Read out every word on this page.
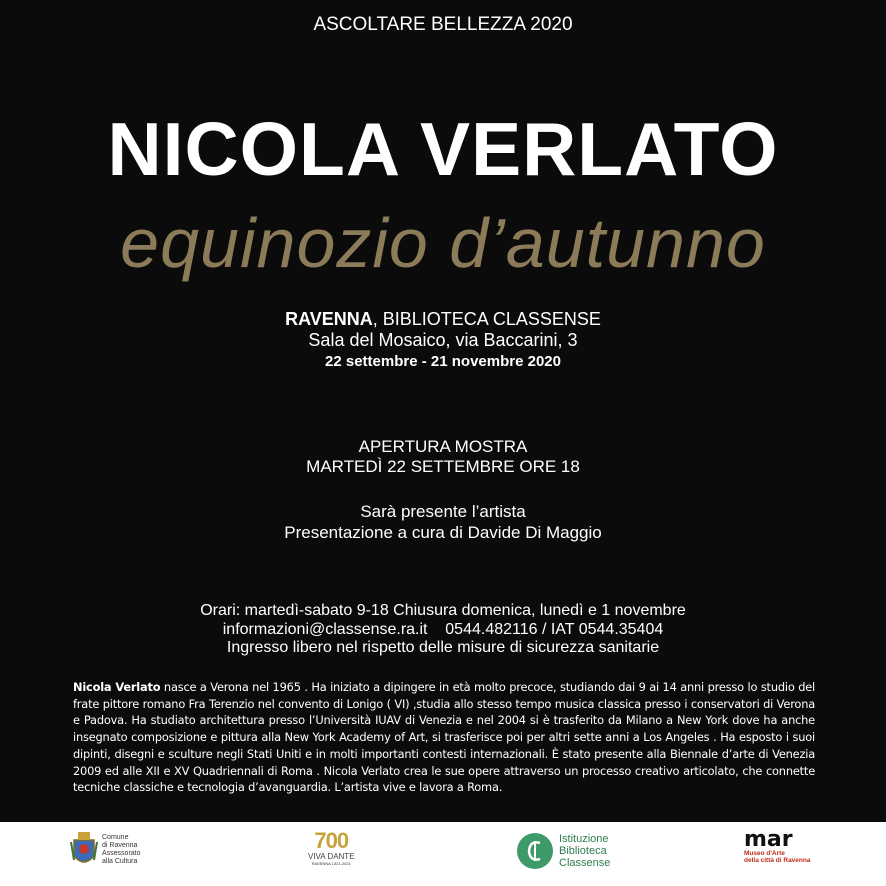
ASCOLTARE BELLEZZA 2020
NICOLA VERLATO
equinozio d’autunno
RAVENNA, BIBLIOTECA CLASSENSE
Sala del Mosaico, via Baccarini, 3
22 settembre - 21 novembre 2020
APERTURA MOSTRA
MARTEDÌ 22 SETTEMBRE ORE 18
Sarà presente l’artista
Presentazione a cura di Davide Di Maggio
Orari: martedì-sabato 9-18 Chiusura domenica, lunedì e 1 novembre
informazioni@classense.ra.it    0544.482116 / IAT 0544.35404
Ingresso libero nel rispetto delle misure di sicurezza sanitarie
Nicola Verlato nasce a Verona nel 1965 . Ha iniziato a dipingere in età molto precoce, studiando dai 9 ai 14 anni presso lo studio del frate pittore romano Fra Terenzio nel convento di Lonigo ( VI) ,studia allo stesso tempo musica classica presso i conservatori di Verona e Padova. Ha studiato architettura presso l’Università IUAV di Venezia e nel 2004 si è trasferito da Milano a New York dove ha anche insegnato composizione e pittura alla New York Academy of Art, si trasferisce poi per altri sette anni a Los Angeles . Ha esposto i suoi dipinti, disegni e sculture negli Stati Uniti e in molti importanti contesti internazionali. È stato presente alla Biennale d’arte di Venezia 2009 ed alle XII e XV Quadriennali di Roma . Nicola Verlato crea le sue opere attraverso un processo creativo articolato, che connette tecniche classiche e tecnologia d’avanguardia. L’artista vive e lavora a Roma.
Comune
di Ravenna
Assessorato
alla Cultura
700
VIVA DANTE
RAVENNA 1321-2021
Istituzione
Biblioteca
Classense
mar
Museo d'Arte
della città di Ravenna
